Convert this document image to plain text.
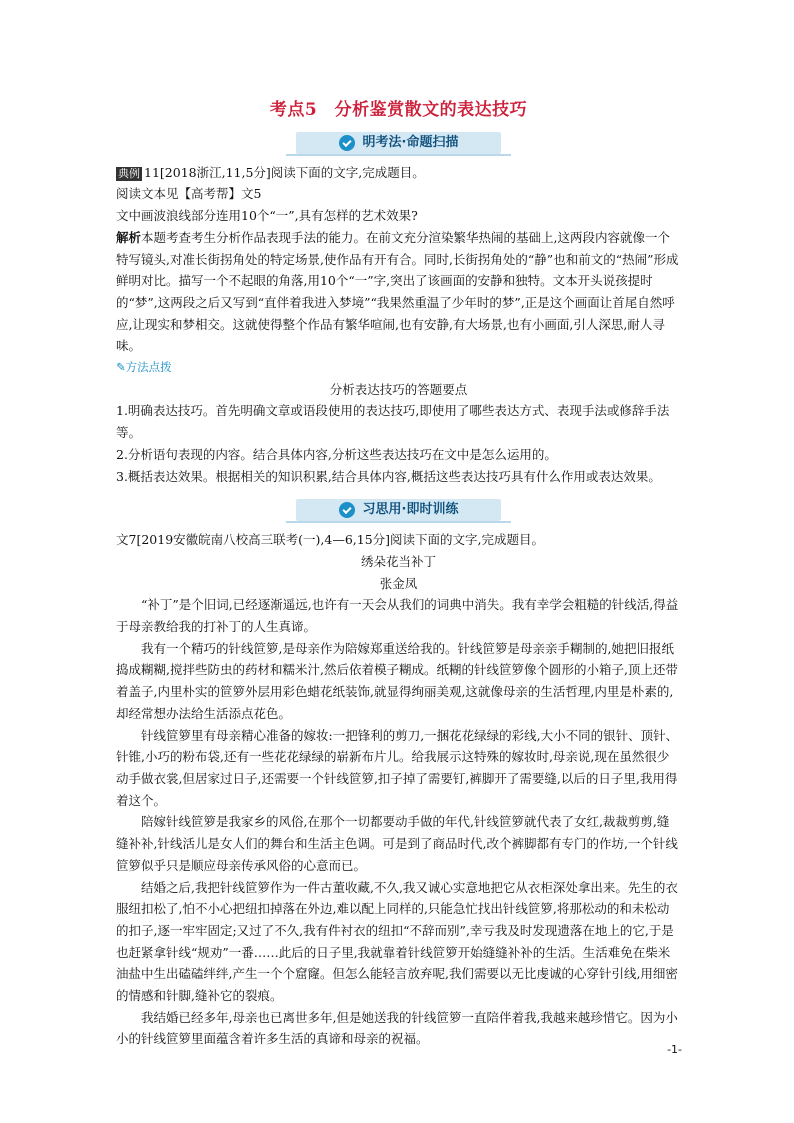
考点5　分析鉴赏散文的表达技巧
明考法·命题扫描

典例 11[2018浙江,11,5分]阅读下面的文字,完成题目。

阅读文本见【高考帮】文5

文中画波浪线部分连用10个“一”,具有怎样的艺术效果?

解析本题考查考生分析作品表现手法的能力。在前文充分渲染繁华热闹的基础上,这两段内容就像一个特写镜头,对准长街拐角处的特定场景,使作品有开有合。同时,长街拐角处的“静”也和前文的“热闹”形成鲜明对比。描写一个不起眼的角落,用10个“一”字,突出了该画面的安静和独特。文本开头说孩提时的“梦”,这两段之后又写到“直伴着我进入梦境”“我果然重温了少年时的梦”,正是这个画面让首尾自然呼应,让现实和梦相交。这就使得整个作品有繁华喧闹,也有安静,有大场景,也有小画面,引人深思,耐人寻味。

✎方法点拨

分析表达技巧的答题要点

1.明确表达技巧。首先明确文章或语段使用的表达技巧,即使用了哪些表达方式、表现手法或修辞手法等。

2.分析语句表现的内容。结合具体内容,分析这些表达技巧在文中是怎么运用的。

3.概括表达效果。根据相关的知识积累,结合具体内容,概括这些表达技巧具有什么作用或表达效果。

习思用·即时训练

文7[2019安徽皖南八校高三联考(一),4—6,15分]阅读下面的文字,完成题目。

绣朵花当补丁

张金凤

“补丁”是个旧词,已经逐渐遥远,也许有一天会从我们的词典中消失。我有幸学会粗糙的针线活,得益于母亲教给我的打补丁的人生真谛。

我有一个精巧的针线笸箩,是母亲作为陪嫁郑重送给我的。针线笸箩是母亲亲手糊制的,她把旧报纸捣成糊糊,搅拌些防虫的药材和糯米汁,然后依着模子糊成。纸糊的针线笸箩像个圆形的小箱子,顶上还带着盖子,内里朴实的笸箩外层用彩色蜡花纸装饰,就显得绚丽美观,这就像母亲的生活哲理,内里是朴素的,却经常想办法给生活添点花色。

针线笸箩里有母亲精心准备的嫁妆:一把锋利的剪刀,一捆花花绿绿的彩线,大小不同的银针、顶针、针锥,小巧的粉布袋,还有一些花花绿绿的崭新布片儿。给我展示这特殊的嫁妆时,母亲说,现在虽然很少动手做衣裳,但居家过日子,还需要一个针线笸箩,扣子掉了需要钉,裤脚开了需要缝,以后的日子里,我用得着这个。

陪嫁针线笸箩是我家乡的风俗,在那个一切都要动手做的年代,针线笸箩就代表了女红,裁裁剪剪,缝缝补补,针线活儿是女人们的舞台和生活主色调。可是到了商品时代,改个裤脚都有专门的作坊,一个针线笸箩似乎只是顺应母亲传承风俗的心意而已。

结婚之后,我把针线笸箩作为一件古董收藏,不久,我又诚心实意地把它从衣柜深处拿出来。先生的衣服纽扣松了,怕不小心把纽扣掉落在外边,难以配上同样的,只能急忙找出针线笸箩,将那松动的和未松动的扣子,逐一牢牢固定;又过了不久,我有件衬衣的纽扣“不辞而别”,幸亏我及时发现遗落在地上的它,于是也赶紧拿针线“规劝”一番……此后的日子里,我就靠着针线笸箩开始缝缝补补的生活。生活难免在柴米油盐中生出磕磕绊绊,产生一个个窟窿。但怎么能轻言放弃呢,我们需要以无比虔诚的心穿针引线,用细密的情感和针脚,缝补它的裂痕。

我结婚已经多年,母亲也已离世多年,但是她送我的针线笸箩一直陪伴着我,我越来越珍惜它。因为小小的针线笸箩里面蕴含着许多生活的真谛和母亲的祝福。

-1-
